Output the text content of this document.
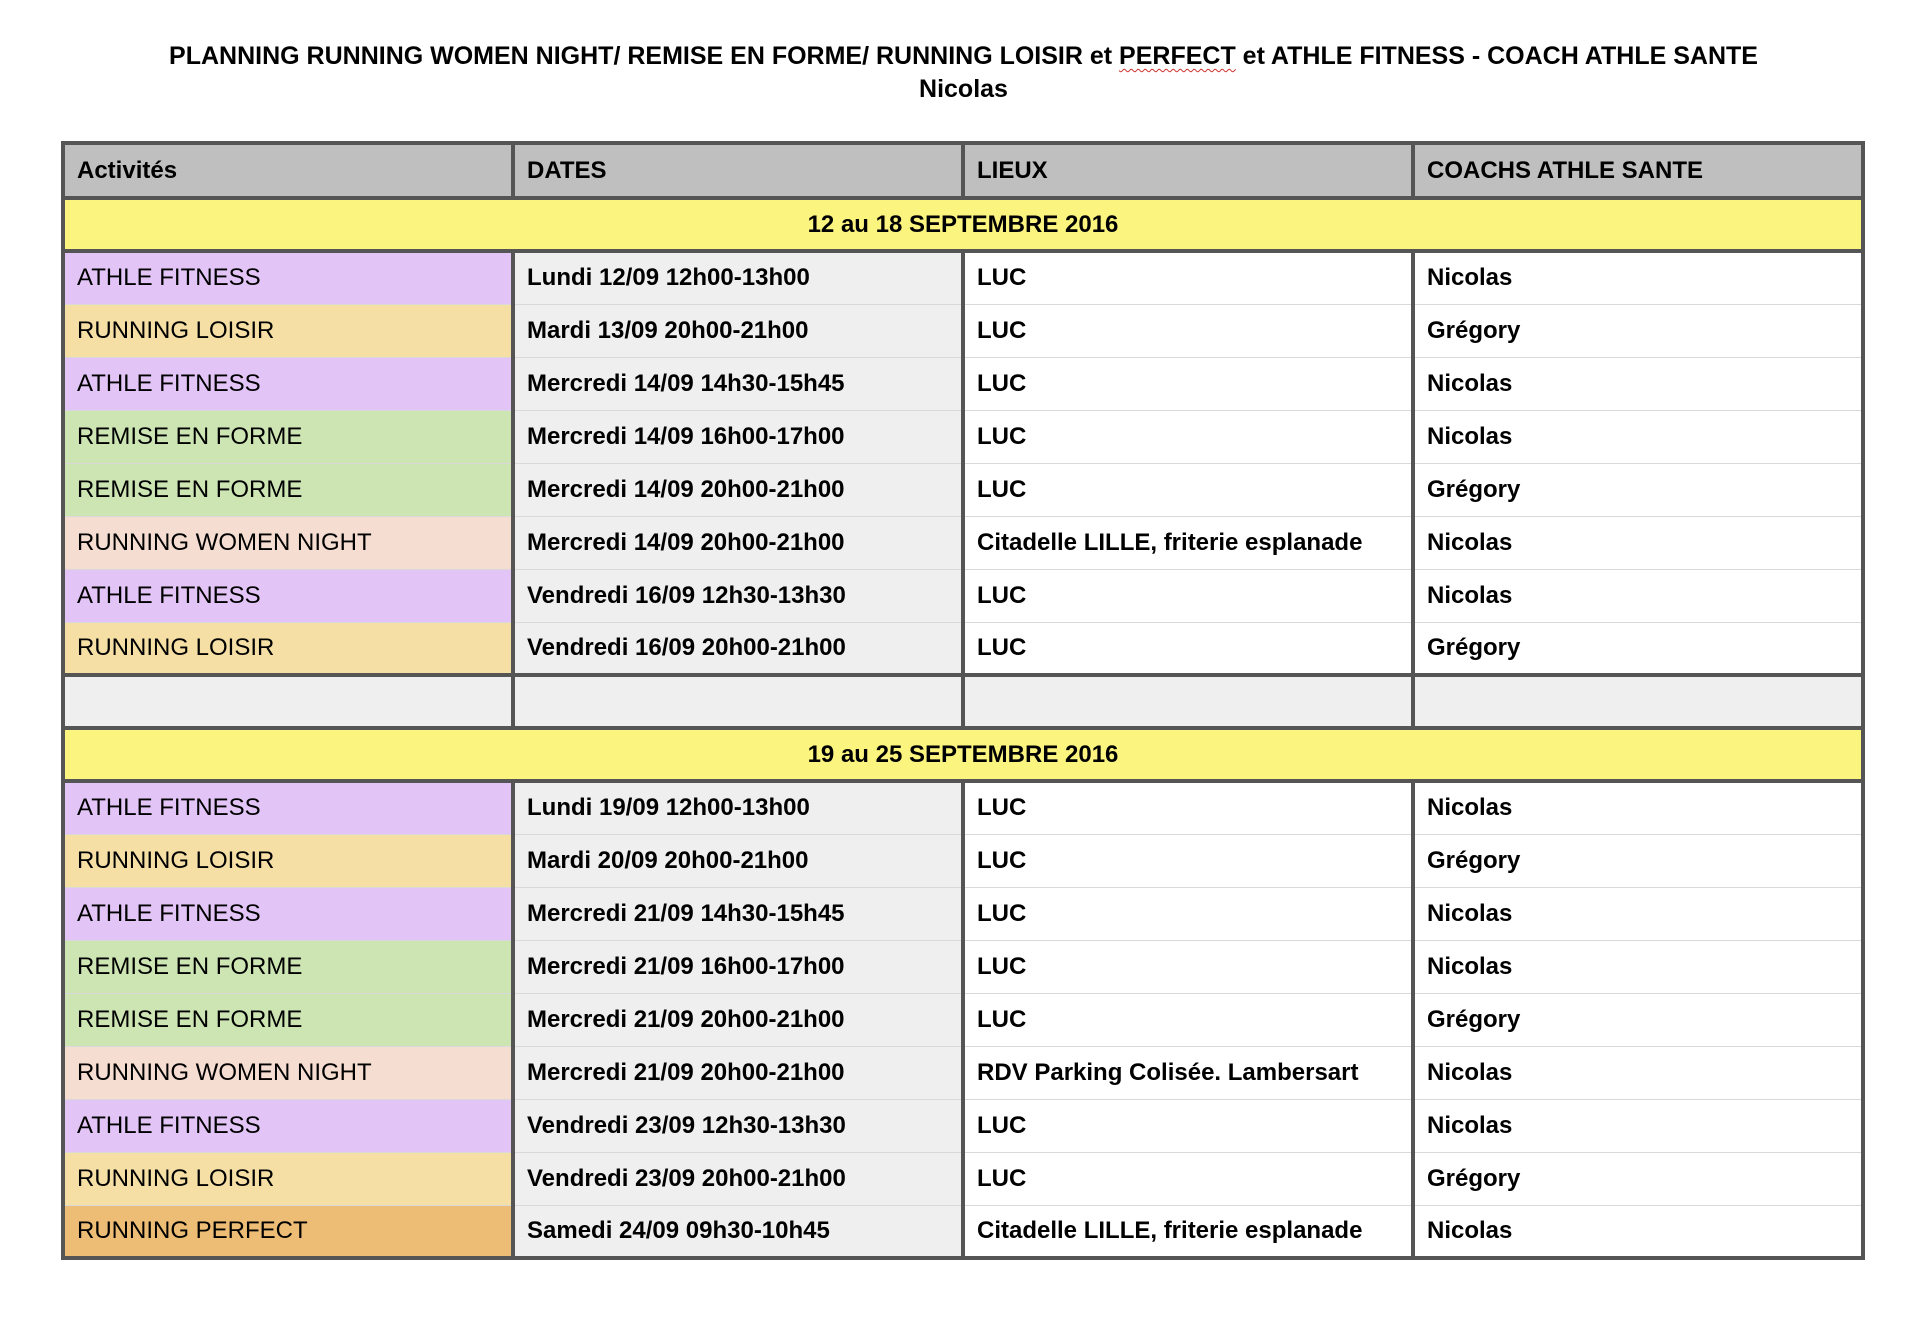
PLANNING RUNNING WOMEN NIGHT/ REMISE EN FORME/ RUNNING LOISIR et PERFECT et ATHLE FITNESS - COACH ATHLE SANTE
Nicolas
Activités	DATES	LIEUX	COACHS ATHLE SANTE
12 au 18 SEPTEMBRE 2016			
ATHLE FITNESS	Lundi 12/09 12h00-13h00	LUC	Nicolas
RUNNING LOISIR	Mardi 13/09 20h00-21h00	LUC	Grégory
ATHLE FITNESS	Mercredi 14/09 14h30-15h45	LUC	Nicolas
REMISE EN FORME	Mercredi 14/09 16h00-17h00	LUC	Nicolas
REMISE EN FORME	Mercredi 14/09 20h00-21h00	LUC	Grégory
RUNNING WOMEN NIGHT	Mercredi 14/09 20h00-21h00	Citadelle LILLE, friterie esplanade	Nicolas
ATHLE FITNESS	Vendredi 16/09 12h30-13h30	LUC	Nicolas
RUNNING LOISIR	Vendredi 16/09 20h00-21h00	LUC	Grégory

19 au 25 SEPTEMBRE 2016			
ATHLE FITNESS	Lundi 19/09 12h00-13h00	LUC	Nicolas
RUNNING LOISIR	Mardi 20/09 20h00-21h00	LUC	Grégory
ATHLE FITNESS	Mercredi 21/09 14h30-15h45	LUC	Nicolas
REMISE EN FORME	Mercredi 21/09 16h00-17h00	LUC	Nicolas
REMISE EN FORME	Mercredi 21/09 20h00-21h00	LUC	Grégory
RUNNING WOMEN NIGHT	Mercredi 21/09 20h00-21h00	RDV Parking Colisée. Lambersart	Nicolas
ATHLE FITNESS	Vendredi 23/09 12h30-13h30	LUC	Nicolas
RUNNING LOISIR	Vendredi 23/09 20h00-21h00	LUC	Grégory
RUNNING PERFECT	Samedi 24/09 09h30-10h45	Citadelle LILLE, friterie esplanade	Nicolas
